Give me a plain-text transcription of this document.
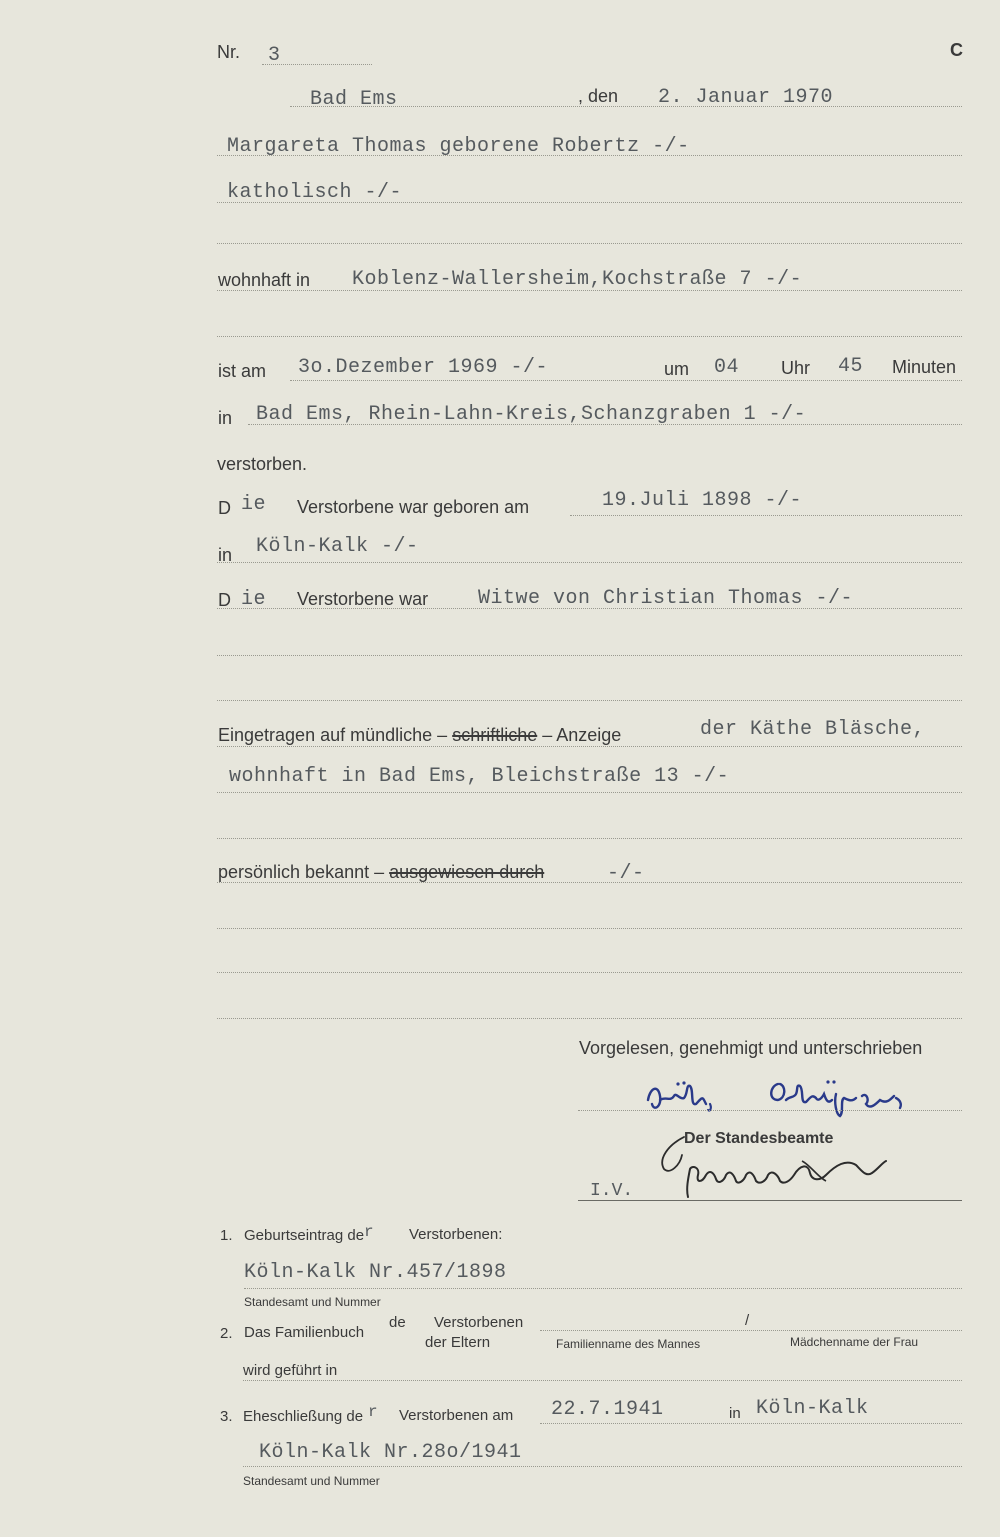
Nr. 3	C
Bad Ems	, den 2. Januar 1970
Margareta Thomas geborene Robertz -/-
katholisch -/-
wohnhaft in Koblenz-Wallersheim,Kochstraße 7 -/-
ist am 3o.Dezember 1969 -/-	um 04 Uhr 45 Minuten
in Bad Ems, Rhein-Lahn-Kreis,Schanzgraben 1 -/-
verstorben.
D ie Verstorbene war geboren am	19.Juli 1898 -/-
in Köln-Kalk -/-
D ie Verstorbene war Witwe von Christian Thomas -/-
Eingetragen auf mündliche – schriftliche – Anzeige	der Käthe Bläsche,
wohnhaft in Bad Ems, Bleichstraße 13 -/-
persönlich bekannt – ausgewiesen durch	-/-
Vorgelesen, genehmigt und unterschrieben
Der Standesbeamte
I.V.
1. Geburtseintrag de r Verstorbenen:
Köln-Kalk Nr.457/1898
Standesamt und Nummer
2. Das Familienbuch
de Verstorbenen
der Eltern
/
Familienname des Mannes	Mädchenname der Frau
wird geführt in
3. Eheschließung de r Verstorbenen am 22.7.1941	in Köln-Kalk
Köln-Kalk Nr.28o/1941
Standesamt und Nummer
